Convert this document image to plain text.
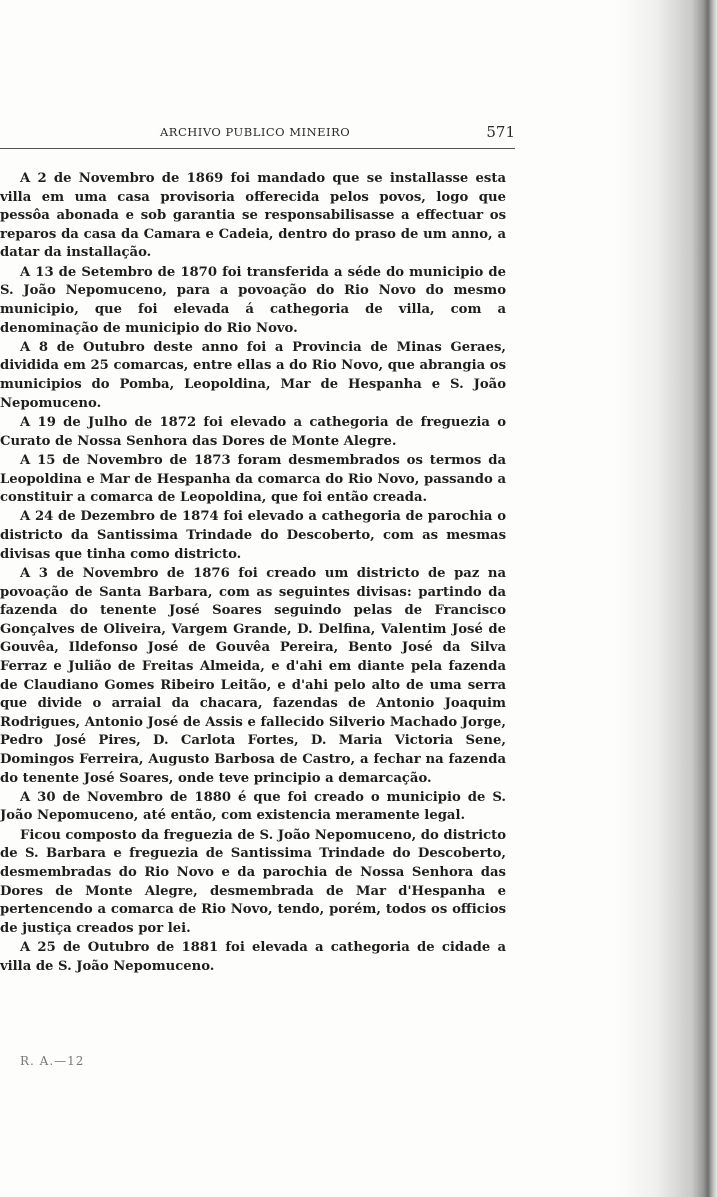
ARCHIVO PUBLICO MINEIRO	571

A 2 de Novembro de 1869 foi mandado que se installasse esta villa em uma casa provisoria offerecida pelos povos, logo que pessôa abonada e sob garantia se responsabilisasse a effectuar os reparos da casa da Camara e Cadeia, dentro do praso de um anno, a datar da installação.

A 13 de Setembro de 1870 foi transferida a séde do municipio de S. João Nepomuceno, para a povoação do Rio Novo do mesmo municipio, que foi elevada á cathegoria de villa, com a denominação de municipio do Rio Novo.

A 8 de Outubro deste anno foi a Provincia de Minas Geraes, dividida em 25 comarcas, entre ellas a do Rio Novo, que abrangia os municipios do Pomba, Leopoldina, Mar de Hespanha e S. João Nepomuceno.

A 19 de Julho de 1872 foi elevado a cathegoria de freguezia o Curato de Nossa Senhora das Dores de Monte Alegre.

A 15 de Novembro de 1873 foram desmembrados os termos da Leopoldina e Mar de Hespanha da comarca do Rio Novo, passando a constituir a comarca de Leopoldina, que foi então creada.

A 24 de Dezembro de 1874 foi elevado a cathegoria de parochia o districto da Santissima Trindade do Descoberto, com as mesmas divisas que tinha como districto.

A 3 de Novembro de 1876 foi creado um districto de paz na povoação de Santa Barbara, com as seguintes divisas: partindo da fazenda do tenente José Soares seguindo pelas de Francisco Gonçalves de Oliveira, Vargem Grande, D. Delfina, Valentim José de Gouvêa, Ildefonso José de Gouvêa Pereira, Bento José da Silva Ferraz e Julião de Freitas Almeida, e d'ahi em diante pela fazenda de Claudiano Gomes Ribeiro Leitão, e d'ahi pelo alto de uma serra que divide o arraial da chacara, fazendas de Antonio Joaquim Rodrigues, Antonio José de Assis e fallecido Silverio Machado Jorge, Pedro José Pires, D. Carlota Fortes, D. Maria Victoria Sene, Domingos Ferreira, Augusto Barbosa de Castro, a fechar na fazenda do tenente José Soares, onde teve principio a demarcação.

A 30 de Novembro de 1880 é que foi creado o municipio de S. João Nepomuceno, até então, com existencia meramente legal.

Ficou composto da freguezia de S. João Nepomuceno, do districto de S. Barbara e freguezia de Santissima Trindade do Descoberto, desmembradas do Rio Novo e da parochia de Nossa Senhora das Dores de Monte Alegre, desmembrada de Mar d'Hespanha e pertencendo a comarca de Rio Novo, tendo, porém, todos os officios de justiça creados por lei.

A 25 de Outubro de 1881 foi elevada a cathegoria de cidade a villa de S. João Nepomuceno.

R. A.—12
